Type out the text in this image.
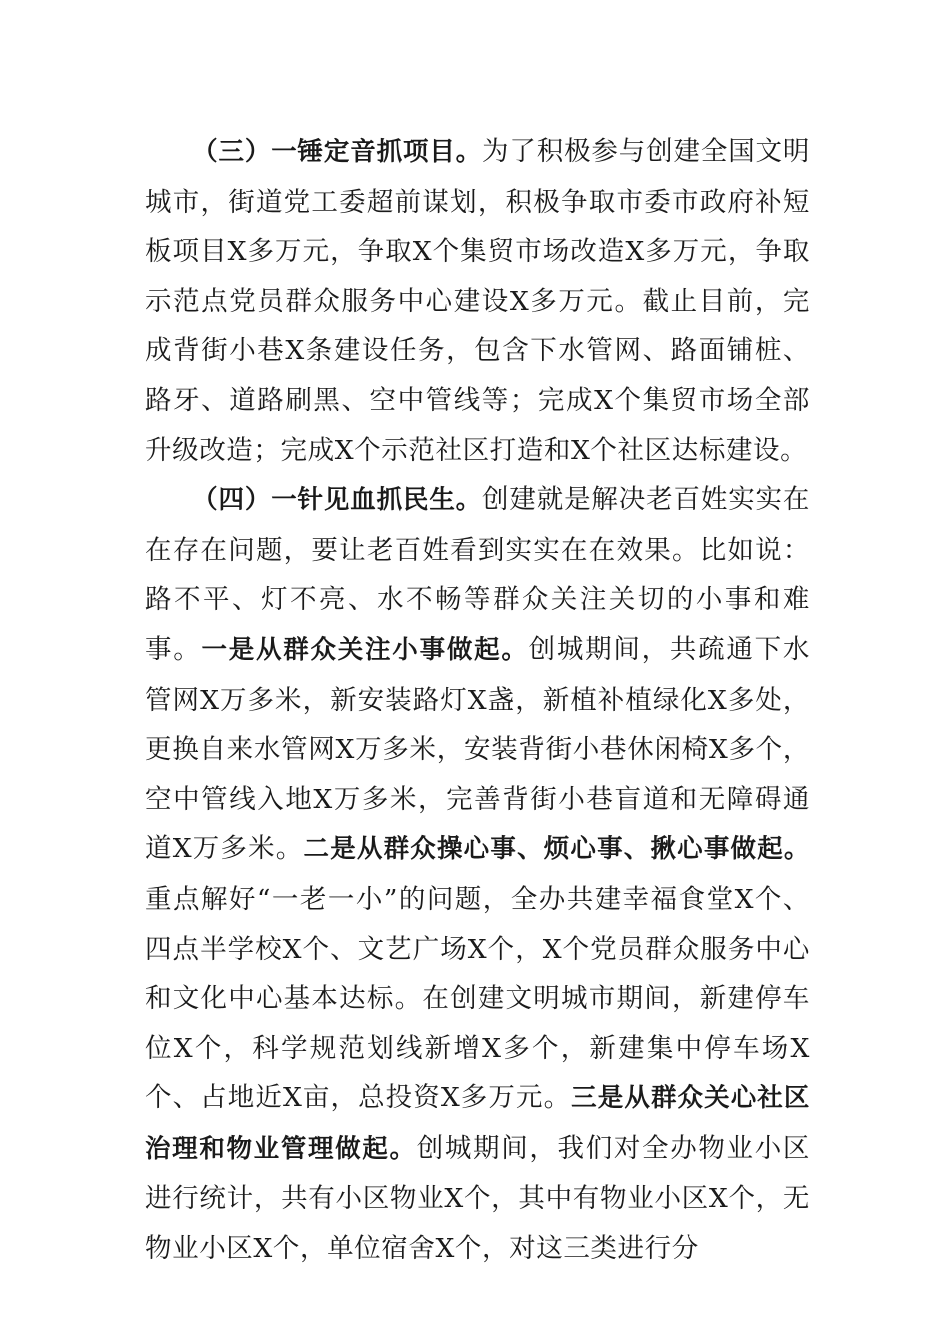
（三）一锤定音抓项目。为了积极参与创建全国文明城市，街道党工委超前谋划，积极争取市委市政府补短板项目X多万元，争取X个集贸市场改造X多万元，争取示范点党员群众服务中心建设X多万元。截止目前，完成背街小巷X条建设任务，包含下水管网、路面铺桩、路牙、道路刷黑、空中管线等；完成X个集贸市场全部升级改造；完成X个示范社区打造和X个社区达标建设。

（四）一针见血抓民生。创建就是解决老百姓实实在在存在问题，要让老百姓看到实实在在效果。比如说：路不平、灯不亮、水不畅等群众关注关切的小事和难事。一是从群众关注小事做起。创城期间，共疏通下水管网X万多米，新安装路灯X盏，新植补植绿化X多处，更换自来水管网X万多米，安装背街小巷休闲椅X多个，空中管线入地X万多米，完善背街小巷盲道和无障碍通道X万多米。二是从群众操心事、烦心事、揪心事做起。重点解好“一老一小”的问题，全办共建幸福食堂X个、四点半学校X个、文艺广场X个，X个党员群众服务中心和文化中心基本达标。在创建文明城市期间，新建停车位X个，科学规范划线新增X多个，新建集中停车场X个、占地近X亩，总投资X多万元。三是从群众关心社区治理和物业管理做起。创城期间，我们对全办物业小区进行统计，共有小区物业X个，其中有物业小区X个，无物业小区X个，单位宿舍X个，对这三类进行分
